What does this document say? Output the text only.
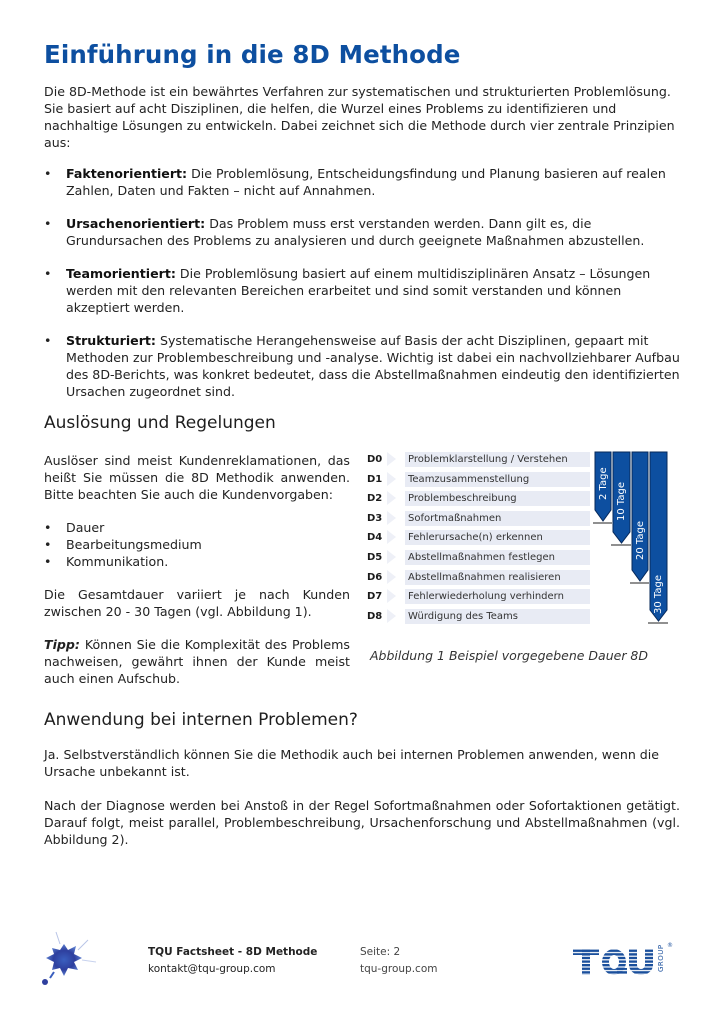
Einführung in die 8D Methode

Die 8D-Methode ist ein bewährtes Verfahren zur systematischen und strukturierten Problemlösung. Sie basiert auf acht Disziplinen, die helfen, die Wurzel eines Problems zu identifizieren und nachhaltige Lösungen zu entwickeln. Dabei zeichnet sich die Methode durch vier zentrale Prinzipien aus:

• Faktenorientiert: Die Problemlösung, Entscheidungsfindung und Planung basieren auf realen Zahlen, Daten und Fakten – nicht auf Annahmen.
• Ursachenorientiert: Das Problem muss erst verstanden werden. Dann gilt es, die Grundursachen des Problems zu analysieren und durch geeignete Maßnahmen abzustellen.
• Teamorientiert: Die Problemlösung basiert auf einem multidisziplinären Ansatz – Lösungen werden mit den relevanten Bereichen erarbeitet und sind somit verstanden und können akzeptiert werden.
• Strukturiert: Systematische Herangehensweise auf Basis der acht Disziplinen, gepaart mit Methoden zur Problembeschreibung und -analyse. Wichtig ist dabei ein nachvollziehbarer Aufbau des 8D-Berichts, was konkret bedeutet, dass die Abstellmaßnahmen eindeutig den identifizierten Ursachen zugeordnet sind.
Auslösung und Regelungen

Auslöser sind meist Kundenreklamationen, das heißt Sie müssen die 8D Methodik anwenden. Bitte beachten Sie auch die Kundenvorgaben:

• Dauer
• Bearbeitungsmedium
• Kommunikation.

Die Gesamtdauer variiert je nach Kunden zwischen 20 - 30 Tagen (vgl. Abbildung 1).

Tipp: Können Sie die Komplexität des Problems nachweisen, gewährt ihnen der Kunde meist auch einen Aufschub.

D0	Problemklarstellung / Verstehen
D1	Teamzusammenstellung
D2	Problembeschreibung
D3	Sofortmaßnahmen
D4	Fehlerursache(n) erkennen
D5	Abstellmaßnahmen festlegen
D6	Abstellmaßnahmen realisieren
D7	Fehlerwiederholung verhindern
D8	Würdigung des Teams
2 Tage 10 Tage
20 Tage
30 Tage
Abbildung 1 Beispiel vorgegebene Dauer 8D
Anwendung bei internen Problemen?

Ja. Selbstverständlich können Sie die Methodik auch bei internen Problemen anwenden, wenn die Ursache unbekannt ist.

Nach der Diagnose werden bei Anstoß in der Regel Sofortmaßnahmen oder Sofortaktionen getätigt. Darauf folgt, meist parallel, Problembeschreibung, Ursachenforschung und Abstellmaßnahmen (vgl. Abbildung 2).

TQU Factsheet - 8D Methode
kontakt@tqu-group.com
Seite: 2
tqu-group.com	GROUP ®
